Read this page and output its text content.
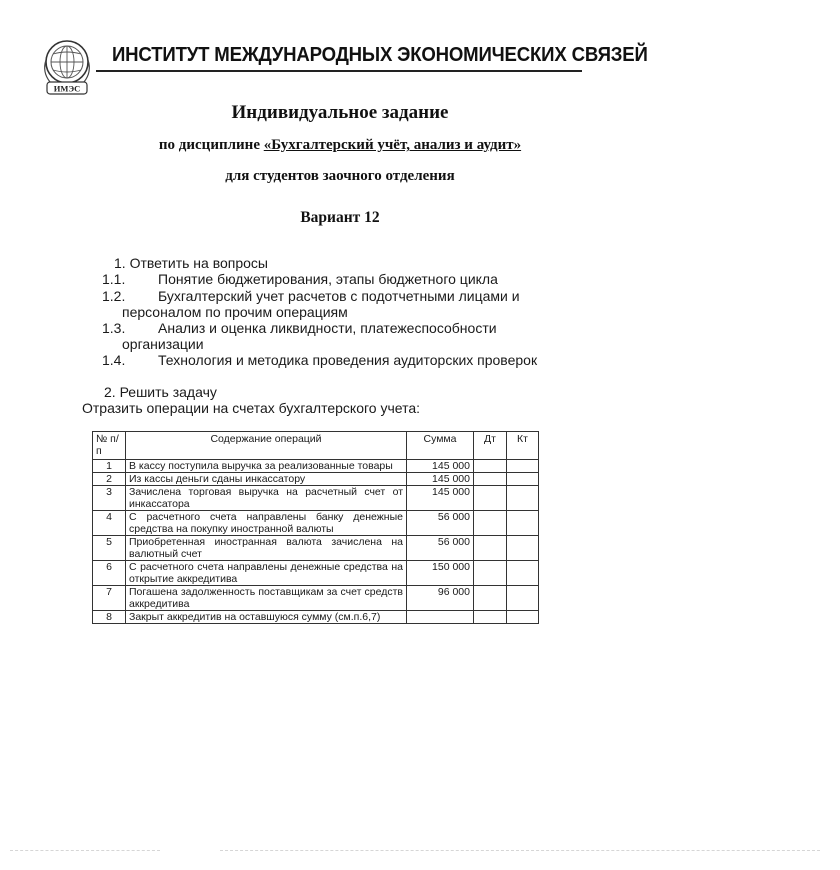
ИМЭС
ИНСТИТУТ МЕЖДУНАРОДНЫХ ЭКОНОМИЧЕСКИХ СВЯЗЕЙ
Индивидуальное задание
по дисциплине «Бухгалтерский учёт, анализ и аудит»
для студентов заочного отделения
Вариант 12
1. Ответить на вопросы
1.1. Понятие бюджетирования, этапы бюджетного цикла
1.2. Бухгалтерский учет расчетов с подотчетными лицами и
персоналом по прочим операциям
1.3. Анализ и оценка ликвидности, платежеспособности
организации
1.4. Технология и методика проведения аудиторских проверок
2. Решить задачу
Отразить операции на счетах бухгалтерского учета:
№ п/п	Содержание операций	Сумма	Дт	Кт
1	В кассу поступила выручка за реализованные товары	145 000		
2	Из кассы деньги сданы инкассатору	145 000		
3	Зачислена торговая выручка на расчетный счет от инкассатора	145 000		
4	С расчетного счета направлены банку денежные средства на покупку иностранной валюты	56 000		
5	Приобретенная иностранная валюта зачислена на валютный счет	56 000		
6	С расчетного счета направлены денежные средства на открытие аккредитива	150 000		
7	Погашена задолженность поставщикам за счет средств аккредитива	96 000		
8	Закрыт аккредитив на оставшуюся сумму (см.п.6,7)			
